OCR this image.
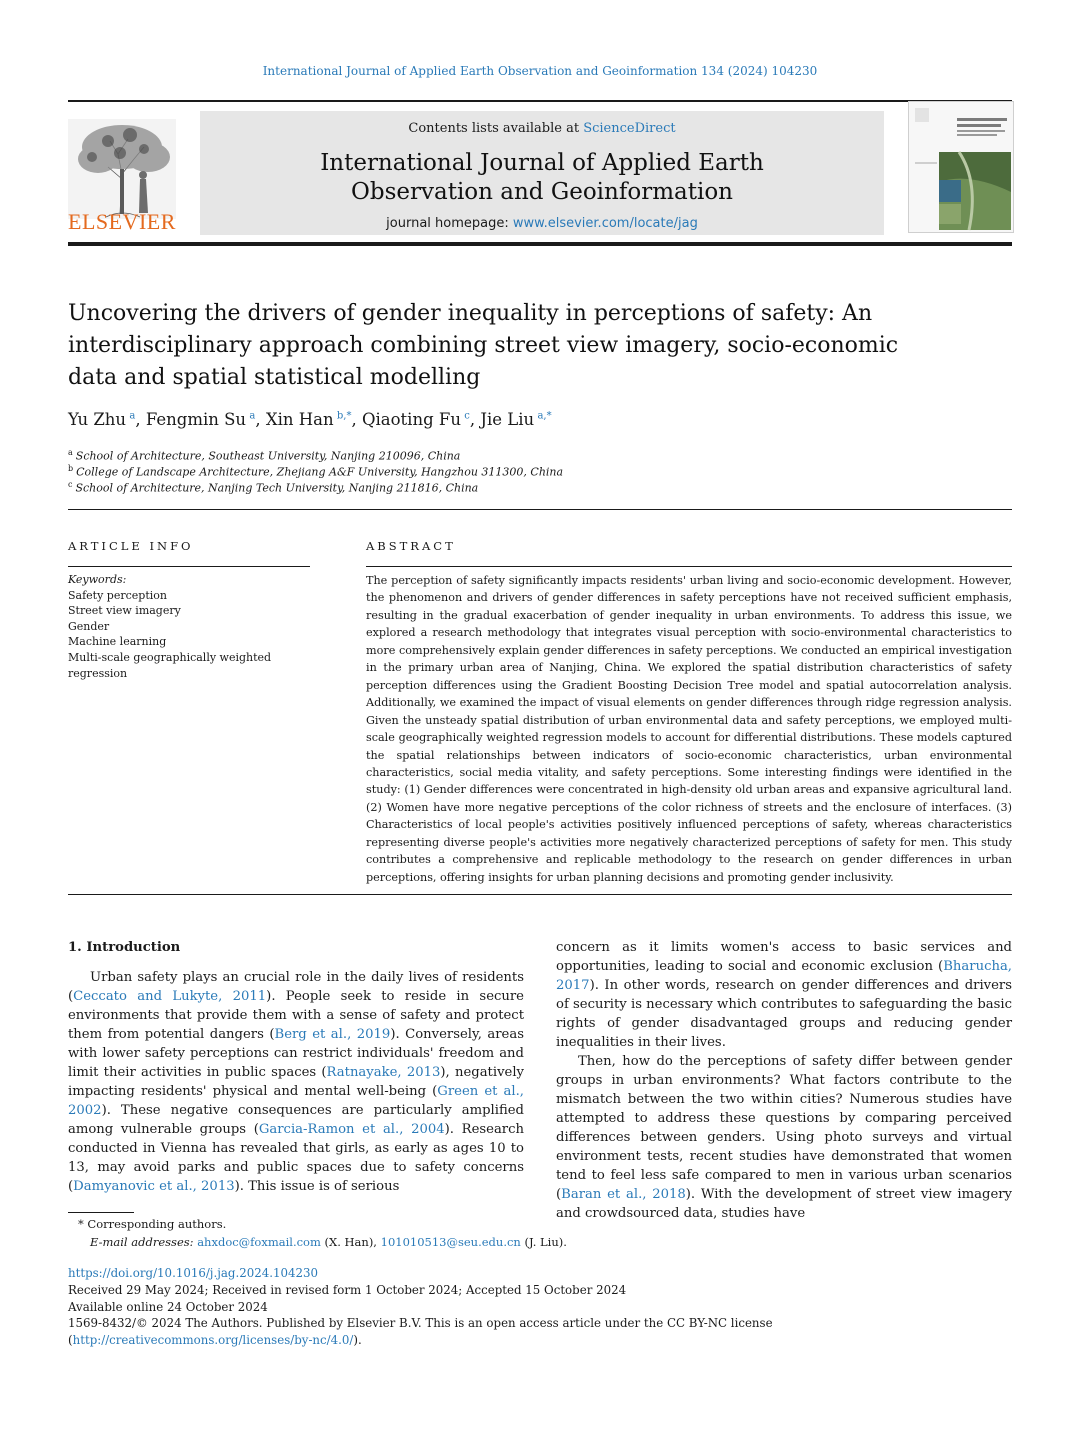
International Journal of Applied Earth Observation and Geoinformation 134 (2024) 104230
ELSEVIER
Contents lists available at ScienceDirect
International Journal of Applied Earth
Observation and Geoinformation
journal homepage: www.elsevier.com/locate/jag
Uncovering the drivers of gender inequality in perceptions of safety: An interdisciplinary approach combining street view imagery, socio-economic data and spatial statistical modelling
Yu Zhu  $^a$, Fengmin Su  $^a$, Xin Han  $^{b,*}$, Qiaoting Fu  $^c$, Jie Liu  $^{a,*}$
$^a$ School of Architecture, Southeast University, Nanjing 210096, China
$^b$ College of Landscape Architecture, Zhejiang A&F University, Hangzhou 311300, China
$^c$ School of Architecture, Nanjing Tech University, Nanjing 211816, China
ARTICLE INFO	ABSTRACT
Keywords:
Safety perception
Street view imagery
Gender
Machine learning
Multi-scale geographically weighted regression
The perception of safety significantly impacts residents' urban living and socio-economic development. However, the phenomenon and drivers of gender differences in safety perceptions have not received sufficient emphasis, resulting in the gradual exacerbation of gender inequality in urban environments. To address this issue, we explored a research methodology that integrates visual perception with socio-environmental characteristics to more comprehensively explain gender differences in safety perceptions. We conducted an empirical investigation in the primary urban area of Nanjing, China. We explored the spatial distribution characteristics of safety perception differences using the Gradient Boosting Decision Tree model and spatial autocorrelation analysis. Additionally, we examined the impact of visual elements on gender differences through ridge regression analysis. Given the unsteady spatial distribution of urban environmental data and safety perceptions, we employed multi-scale geographically weighted regression models to account for differential distributions. These models captured the spatial relationships between indicators of socio-economic characteristics, urban environmental characteristics, social media vitality, and safety perceptions. Some interesting findings were identified in the study: (1) Gender differences were concentrated in high-density old urban areas and expansive agricultural land. (2) Women have more negative perceptions of the color richness of streets and the enclosure of interfaces. (3) Characteristics of local people's activities positively influenced perceptions of safety, whereas characteristics representing diverse people's activities more negatively characterized perceptions of safety for men. This study contributes a comprehensive and replicable methodology to the research on gender differences in urban perceptions, offering insights for urban planning decisions and promoting gender inclusivity.

1. Introduction

Urban safety plays an crucial role in the daily lives of residents (Ceccato and Lukyte, 2011). People seek to reside in secure environments that provide them with a sense of safety and protect them from potential dangers (Berg et al., 2019). Conversely, areas with lower safety perceptions can restrict individuals' freedom and limit their activities in public spaces (Ratnayake, 2013), negatively impacting residents' physical and mental well-being (Green et al., 2002). These negative consequences are particularly amplified among vulnerable groups (Garcia-Ramon et al., 2004). Research conducted in Vienna has revealed that girls, as early as ages 10 to 13, may avoid parks and public spaces due to safety concerns (Damyanovic et al., 2013). This issue is of serious

concern as it limits women's access to basic services and opportunities, leading to social and economic exclusion (Bharucha, 2017). In other words, research on gender differences and drivers of security is necessary which contributes to safeguarding the basic rights of gender disadvantaged groups and reducing gender inequalities in their lives.

Then, how do the perceptions of safety differ between gender groups in urban environments? What factors contribute to the mismatch between the two within cities? Numerous studies have attempted to address these questions by comparing perceived differences between genders. Using photo surveys and virtual environment tests, recent studies have demonstrated that women tend to feel less safe compared to men in various urban scenarios (Baran et al., 2018). With the development of street view imagery and crowdsourced data, studies have

* Corresponding authors.
E-mail addresses: ahxdoc@foxmail.com (X. Han), 101010513@seu.edu.cn (J. Liu).
https://doi.org/10.1016/j.jag.2024.104230
Received 29 May 2024; Received in revised form 1 October 2024; Accepted 15 October 2024
Available online 24 October 2024
1569-8432/© 2024 The Authors. Published by Elsevier B.V. This is an open access article under the CC BY-NC license (http://creativecommons.org/licenses/by-nc/4.0/).
